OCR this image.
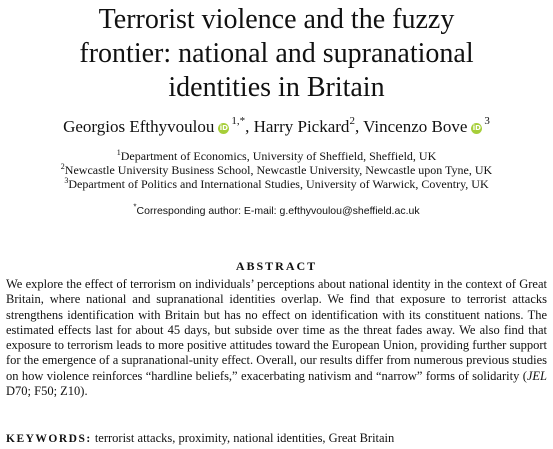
Terrorist violence and the fuzzy
frontier: national and supranational
identities in Britain
Georgios Efthyvoulou $iD^{1,*}$, Harry Pickard$^2$, Vincenzo Bove $iD^3$
$^1$Department of Economics, University of Sheffield, Sheffield, UK
$^2$Newcastle University Business School, Newcastle University, Newcastle upon Tyne, UK
$^3$Department of Politics and International Studies, University of Warwick, Coventry, UK
*Corresponding author: E-mail: g.efthyvoulou@sheffield.ac.uk
ABSTRACT

We explore the effect of terrorism on individuals’ perceptions about national identity in the context of Great Britain, where national and supranational identities overlap. We find that exposure to terrorist attacks strengthens identification with Britain but has no effect on identification with its constituent nations. The estimated effects last for about 45 days, but subside over time as the threat fades away. We also find that exposure to terrorism leads to more positive attitudes toward the European Union, providing further support for the emergence of a supranational-unity effect. Overall, our results differ from numerous previous studies on how violence reinforces “hardline beliefs,” exacerbating nativism and “narrow” forms of solidarity (JEL D70; F50; Z10).

KEYWORDS: terrorist attacks, proximity, national identities, Great Britain
